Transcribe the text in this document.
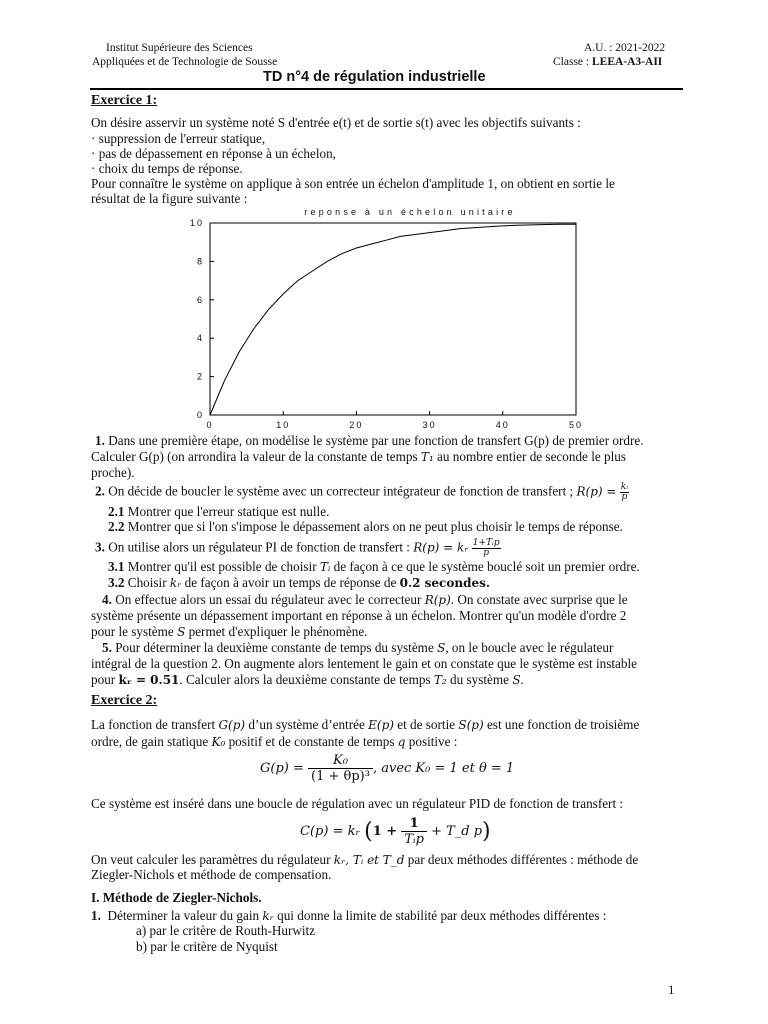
Institut Supérieure des Sciences
Appliquées et de Technologie de Sousse
A.U. : 2021-2022
Classe : LEEA-A3-AII
TD n°4 de régulation industrielle
Exercice 1:
On désire asservir un système noté S d'entrée e(t) et de sortie s(t) avec les objectifs suivants :
· suppression de l'erreur statique,
· pas de dépassement en réponse à un échelon,
· choix du temps de réponse.
Pour connaître le système on applique à son entrée un échelon d'amplitude 1, on obtient en sortie le
résultat de la figure suivante :
reponse à un échelon unitaire
0	10	20	30	40	50
0
2
4
6
8
10
1. Dans une première étape, on modélise le système par une fonction de transfert G(p) de premier ordre.
Calculer G(p) (on arrondira la valeur de la constante de temps T₁ au nombre entier de seconde le plus
proche).
2. On décide de boucler le système avec un correcteur intégrateur de fonction de transfert ; $R(p) = \frac{\text{kᵢ}}{p}$
2.1 Montrer que l'erreur statique est nulle.
2.2 Montrer que si l'on s'impose le dépassement alors on ne peut plus choisir le temps de réponse.
3. On utilise alors un régulateur PI de fonction de transfert : R(p) = kᵣ $\frac{\text{1+Tᵢp}}{p}$
3.1 Montrer qu'il est possible de choisir Tᵢ de façon à ce que le système bouclé soit un premier ordre.
3.2 Choisir kᵣ de façon à avoir un temps de réponse de 0.2 secondes.
4. On effectue alors un essai du régulateur avec le correcteur R(p). On constate avec surprise que le
système présente un dépassement important en réponse à un échelon. Montrer qu'un modèle d'ordre 2
pour le système S permet d'expliquer le phénomène.
5. Pour déterminer la deuxième constante de temps du système S, on le boucle avec le régulateur
intégral de la question 2. On augmente alors lentement le gain et on constate que le système est instable
pour kᵣ = 0.51. Calculer alors la deuxième constante de temps T₂ du système S.
Exercice 2:
La fonction de transfert G(p) d’un système d’entrée E(p) et de sortie S(p) est une fonction de troisième
ordre, de gain statique K₀ positif et de constante de temps q positive :
$G(p) = \frac{\text{K₀}}{\text{(1 + θp)³}}$ , avec K₀ = 1 et θ = 1
Ce système est inséré dans une boucle de régulation avec un régulateur PID de fonction de transfert :
C(p) = kᵣ ($1 + \frac{1}{\text{Tᵢp}}$ + T_d p)
On veut calculer les paramètres du régulateur kᵣ, Tᵢ et T_d par deux méthodes différentes : méthode de
Ziegler-Nichols et méthode de compensation.
I. Méthode de Ziegler-Nichols.
1. Déterminer la valeur du gain kᵣ qui donne la limite de stabilité par deux méthodes différentes :
a) par le critère de Routh-Hurwitz
b) par le critère de Nyquist
1
